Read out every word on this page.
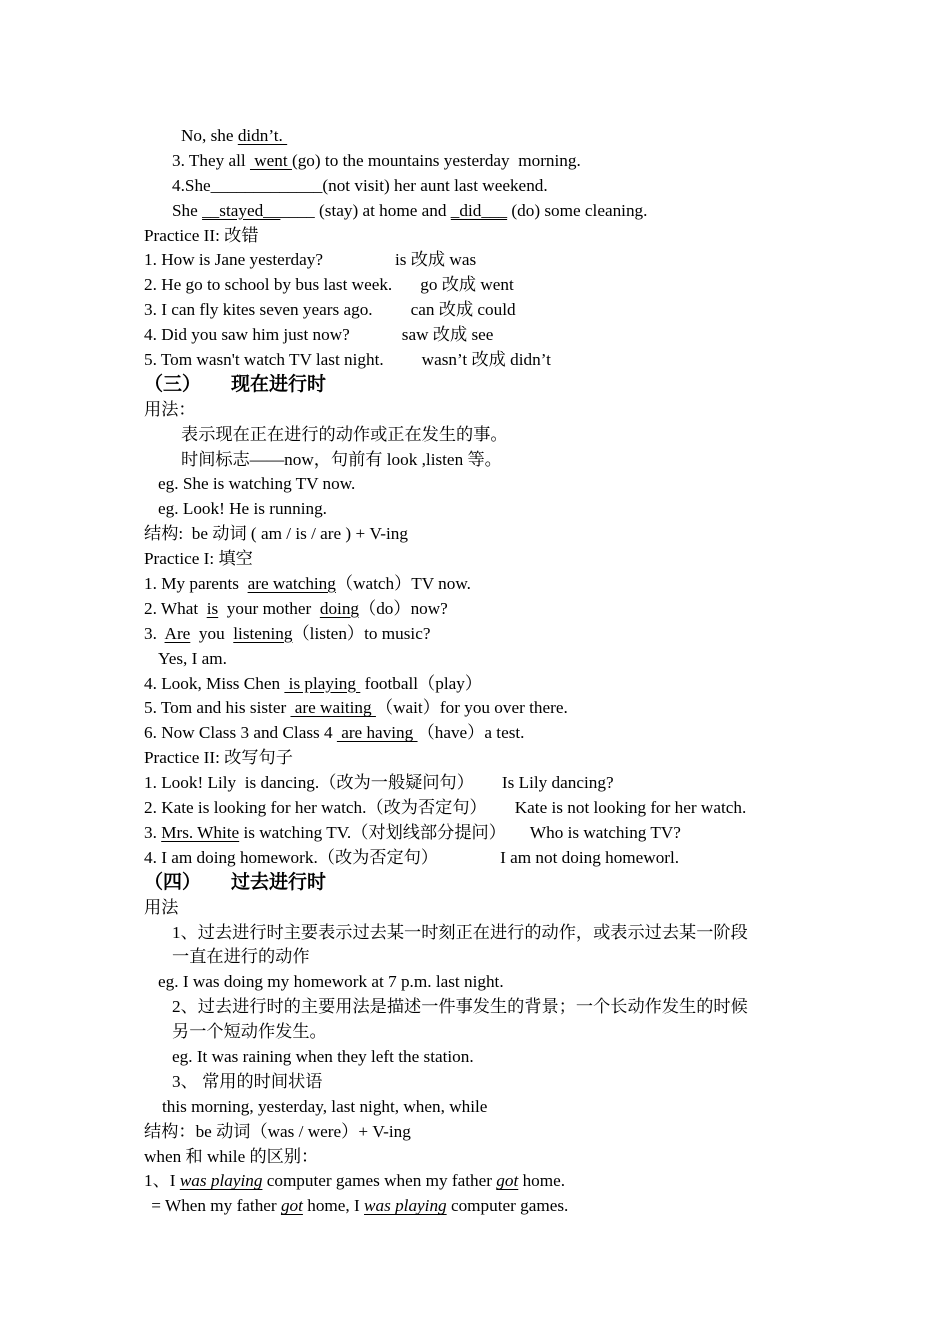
No, she didn’t.
3. They all  went (go) to the mountains yesterday  morning.
4.She_____________(not visit) her aunt last weekend.
She __stayed______ (stay) at home and _did___ (do) some cleaning.
Practice II: 改错
1. How is Jane yesterday?	is 改成 was
2. He go to school by bus last week. go 改成 went
3. I can fly kites seven years ago. can 改成 could
4. Did you saw him just now?	saw 改成 see
5. Tom wasn't watch TV last night. wasn’t 改成 didn’t
（三） 现在进行时
用法：
表示现在正在进行的动作或正在发生的事。
时间标志——now，句前有 look ,listen 等。
eg. She is watching TV now.
eg. Look! He is running.
结构:  be 动词 ( am / is / are ) + V-ing
Practice I: 填空
1. My parents  are watching（watch）TV now.
2. What  is  your mother  doing（do）now?
3.  Are  you  listening（listen）to music?
Yes, I am.
4. Look, Miss Chen  is playing  football（play）
5. Tom and his sister  are waiting （wait）for you over there.
6. Now Class 3 and Class 4  are having （have）a test.
Practice II: 改写句子
1. Look! Lily  is dancing.（改为一般疑问句） Is Lily dancing?
2. Kate is looking for her watch.（改为否定句） Kate is not looking for her watch.
3. Mrs. White is watching TV.（对划线部分提问） Who is watching TV?
4. I am doing homework.（改为否定句）	I am not doing homeworl.
（四） 过去进行时
用法
1、过去进行时主要表示过去某一时刻正在进行的动作，或表示过去某一阶段
一直在进行的动作
eg. I was doing my homework at 7 p.m. last night.
2、过去进行时的主要用法是描述一件事发生的背景；一个长动作发生的时候
另一个短动作发生。
eg. It was raining when they left the station.
3、 常用的时间状语
this morning, yesterday, last night, when, while
结构：be 动词（was / were）+ V-ing
when 和 while 的区别：
1、I was playing computer games when my father got home.
= When my father got home, I was playing computer games.
